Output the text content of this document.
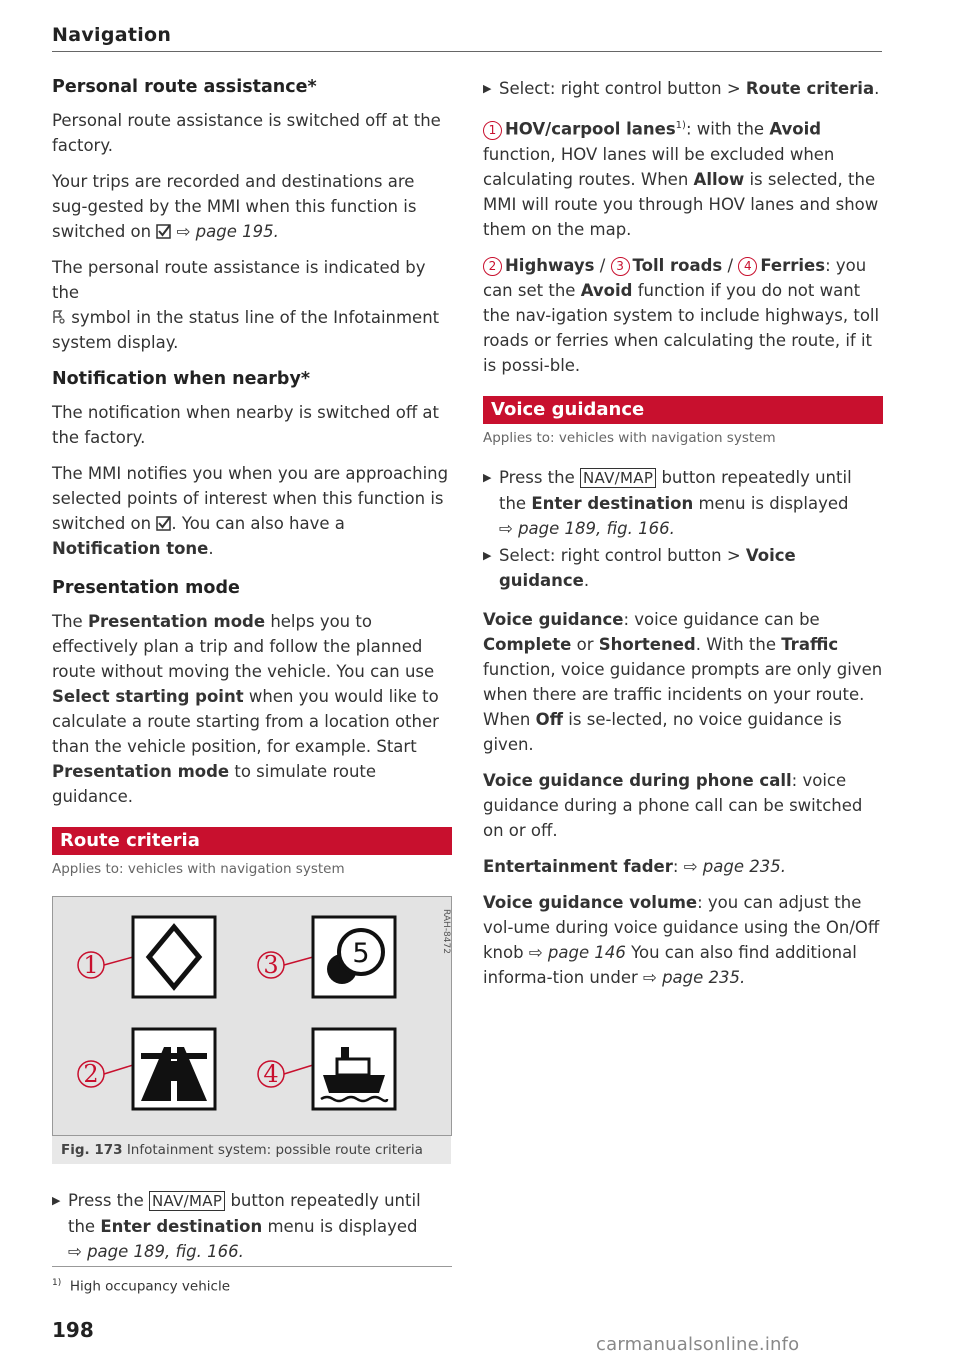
Navigation
Personal route assistance*

Personal route assistance is switched off at the factory.

Your trips are recorded and destinations are sug-gested by the MMI when this function is switched on ⇨ page 195.

The personal route assistance is indicated by the
symbol in the status line of the Infotainment system display.

Notification when nearby*

The notification when nearby is switched off at the factory.

The MMI notifies you when you are approaching selected points of interest when this function is switched on . You can also have a Notification tone.

Presentation mode

The Presentation mode helps you to effectively plan a trip and follow the planned route without moving the vehicle. You can use Select starting point when you would like to calculate a route starting from a location other than the vehicle position, for example. Start Presentation mode to simulate route guidance.

Route criteria
Applies to: vehicles with navigation system
1	3	5
2	4
RAH-8472
Fig. 173 Infotainment system: possible route criteria
▶ Press the NAV/MAP button repeatedly until the Enter destination menu is displayed
⇨ page 189, fig. 166.
▶ Select: right control button > Route criteria.

1 HOV/carpool lanes$^{1)}$: with the Avoid function, HOV lanes will be excluded when calculating routes. When Allow is selected, the MMI will route you through HOV lanes and show them on the map.

2 Highways / 3 Toll roads / 4 Ferries: you can set the Avoid function if you do not want the nav-igation system to include highways, toll roads or ferries when calculating the route, if it is possi-ble.

Voice guidance
Applies to: vehicles with navigation system
▶ Press the NAV/MAP button repeatedly until the Enter destination menu is displayed
⇨ page 189, fig. 166.
▶ Select: right control button > Voice guidance.

Voice guidance: voice guidance can be Complete or Shortened. With the Traffic function, voice guidance prompts are only given when there are traffic incidents on your route. When Off is se-lected, no voice guidance is given.

Voice guidance during phone call: voice guidance during a phone call can be switched on or off.

Entertainment fader: ⇨ page 235.

Voice guidance volume: you can adjust the vol-ume during voice guidance using the On/Off knob ⇨ page 146 You can also find additional informa-tion under ⇨ page 235.

$^{1)}$ High occupancy vehicle
198
carmanualsonline.info
